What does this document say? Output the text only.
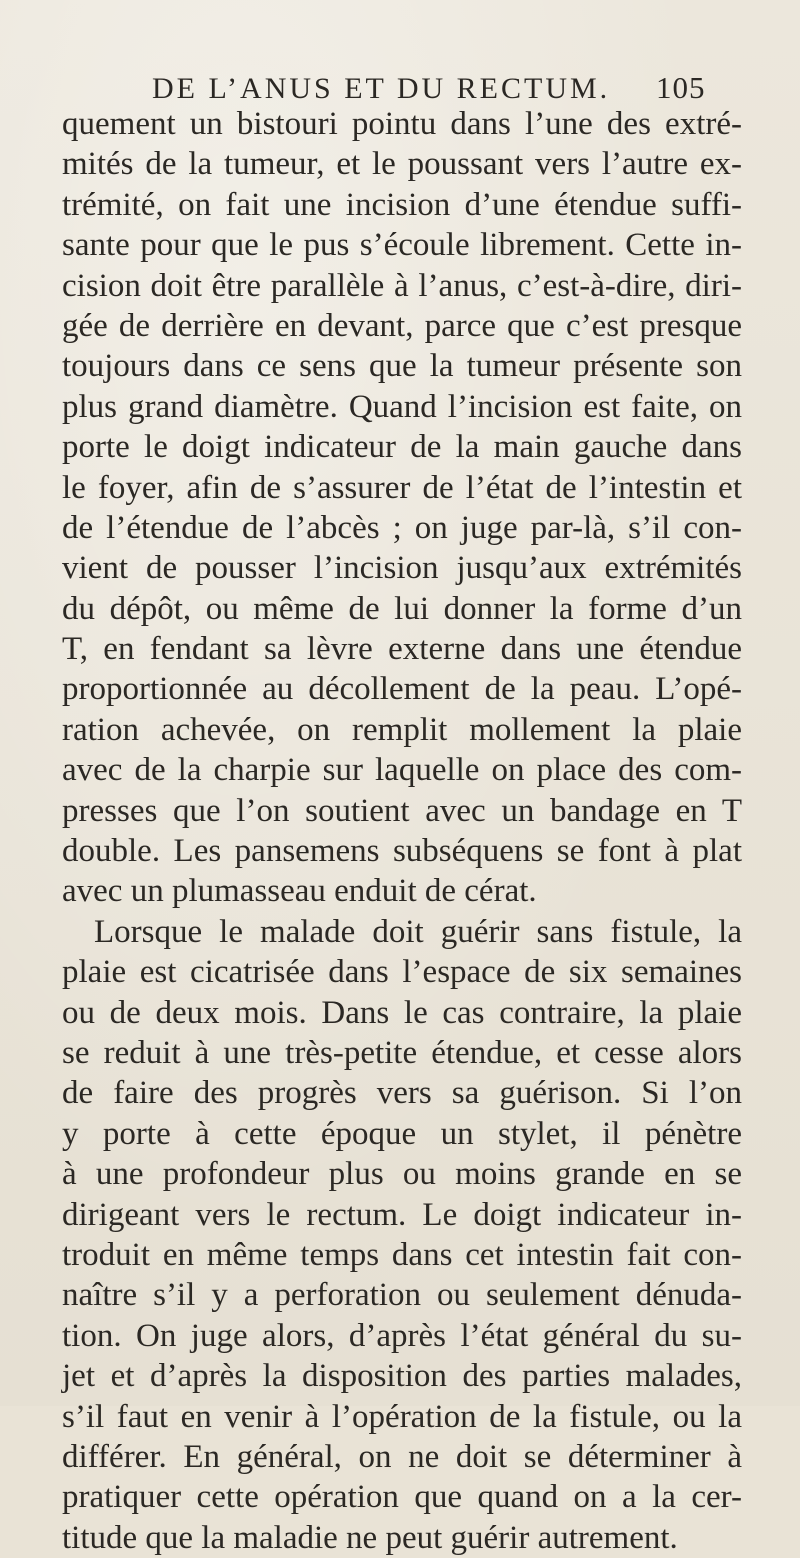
DE L’ANUS ET DU RECTUM. 105
quement un bistouri pointu dans l’une des extré-
mités de la tumeur, et le poussant vers l’autre ex-
trémité, on fait une incision d’une étendue suffi-
sante pour que le pus s’écoule librement. Cette in-
cision doit être parallèle à l’anus, c’est-à-dire, diri-
gée de derrière en devant, parce que c’est presque
toujours dans ce sens que la tumeur présente son
plus grand diamètre. Quand l’incision est faite, on
porte le doigt indicateur de la main gauche dans
le foyer, afin de s’assurer de l’état de l’intestin et
de l’étendue de l’abcès ; on juge par-là, s’il con-
vient de pousser l’incision jusqu’aux extrémités
du dépôt, ou même de lui donner la forme d’un
T, en fendant sa lèvre externe dans une étendue
proportionnée au décollement de la peau. L’opé-
ration achevée, on remplit mollement la plaie
avec de la charpie sur laquelle on place des com-
presses que l’on soutient avec un bandage en T
double. Les pansemens subséquens se font à plat
avec un plumasseau enduit de cérat.
Lorsque le malade doit guérir sans fistule, la
plaie est cicatrisée dans l’espace de six semaines
ou de deux mois. Dans le cas contraire, la plaie
se reduit à une très-petite étendue, et cesse alors
de faire des progrès vers sa guérison. Si l’on
y porte à cette époque un stylet, il pénètre
à une profondeur plus ou moins grande en se
dirigeant vers le rectum. Le doigt indicateur in-
troduit en même temps dans cet intestin fait con-
naître s’il y a perforation ou seulement dénuda-
tion. On juge alors, d’après l’état général du su-
jet et d’après la disposition des parties malades,
s’il faut en venir à l’opération de la fistule, ou la
différer. En général, on ne doit se déterminer à
pratiquer cette opération que quand on a la cer-
titude que la maladie ne peut guérir autrement.
